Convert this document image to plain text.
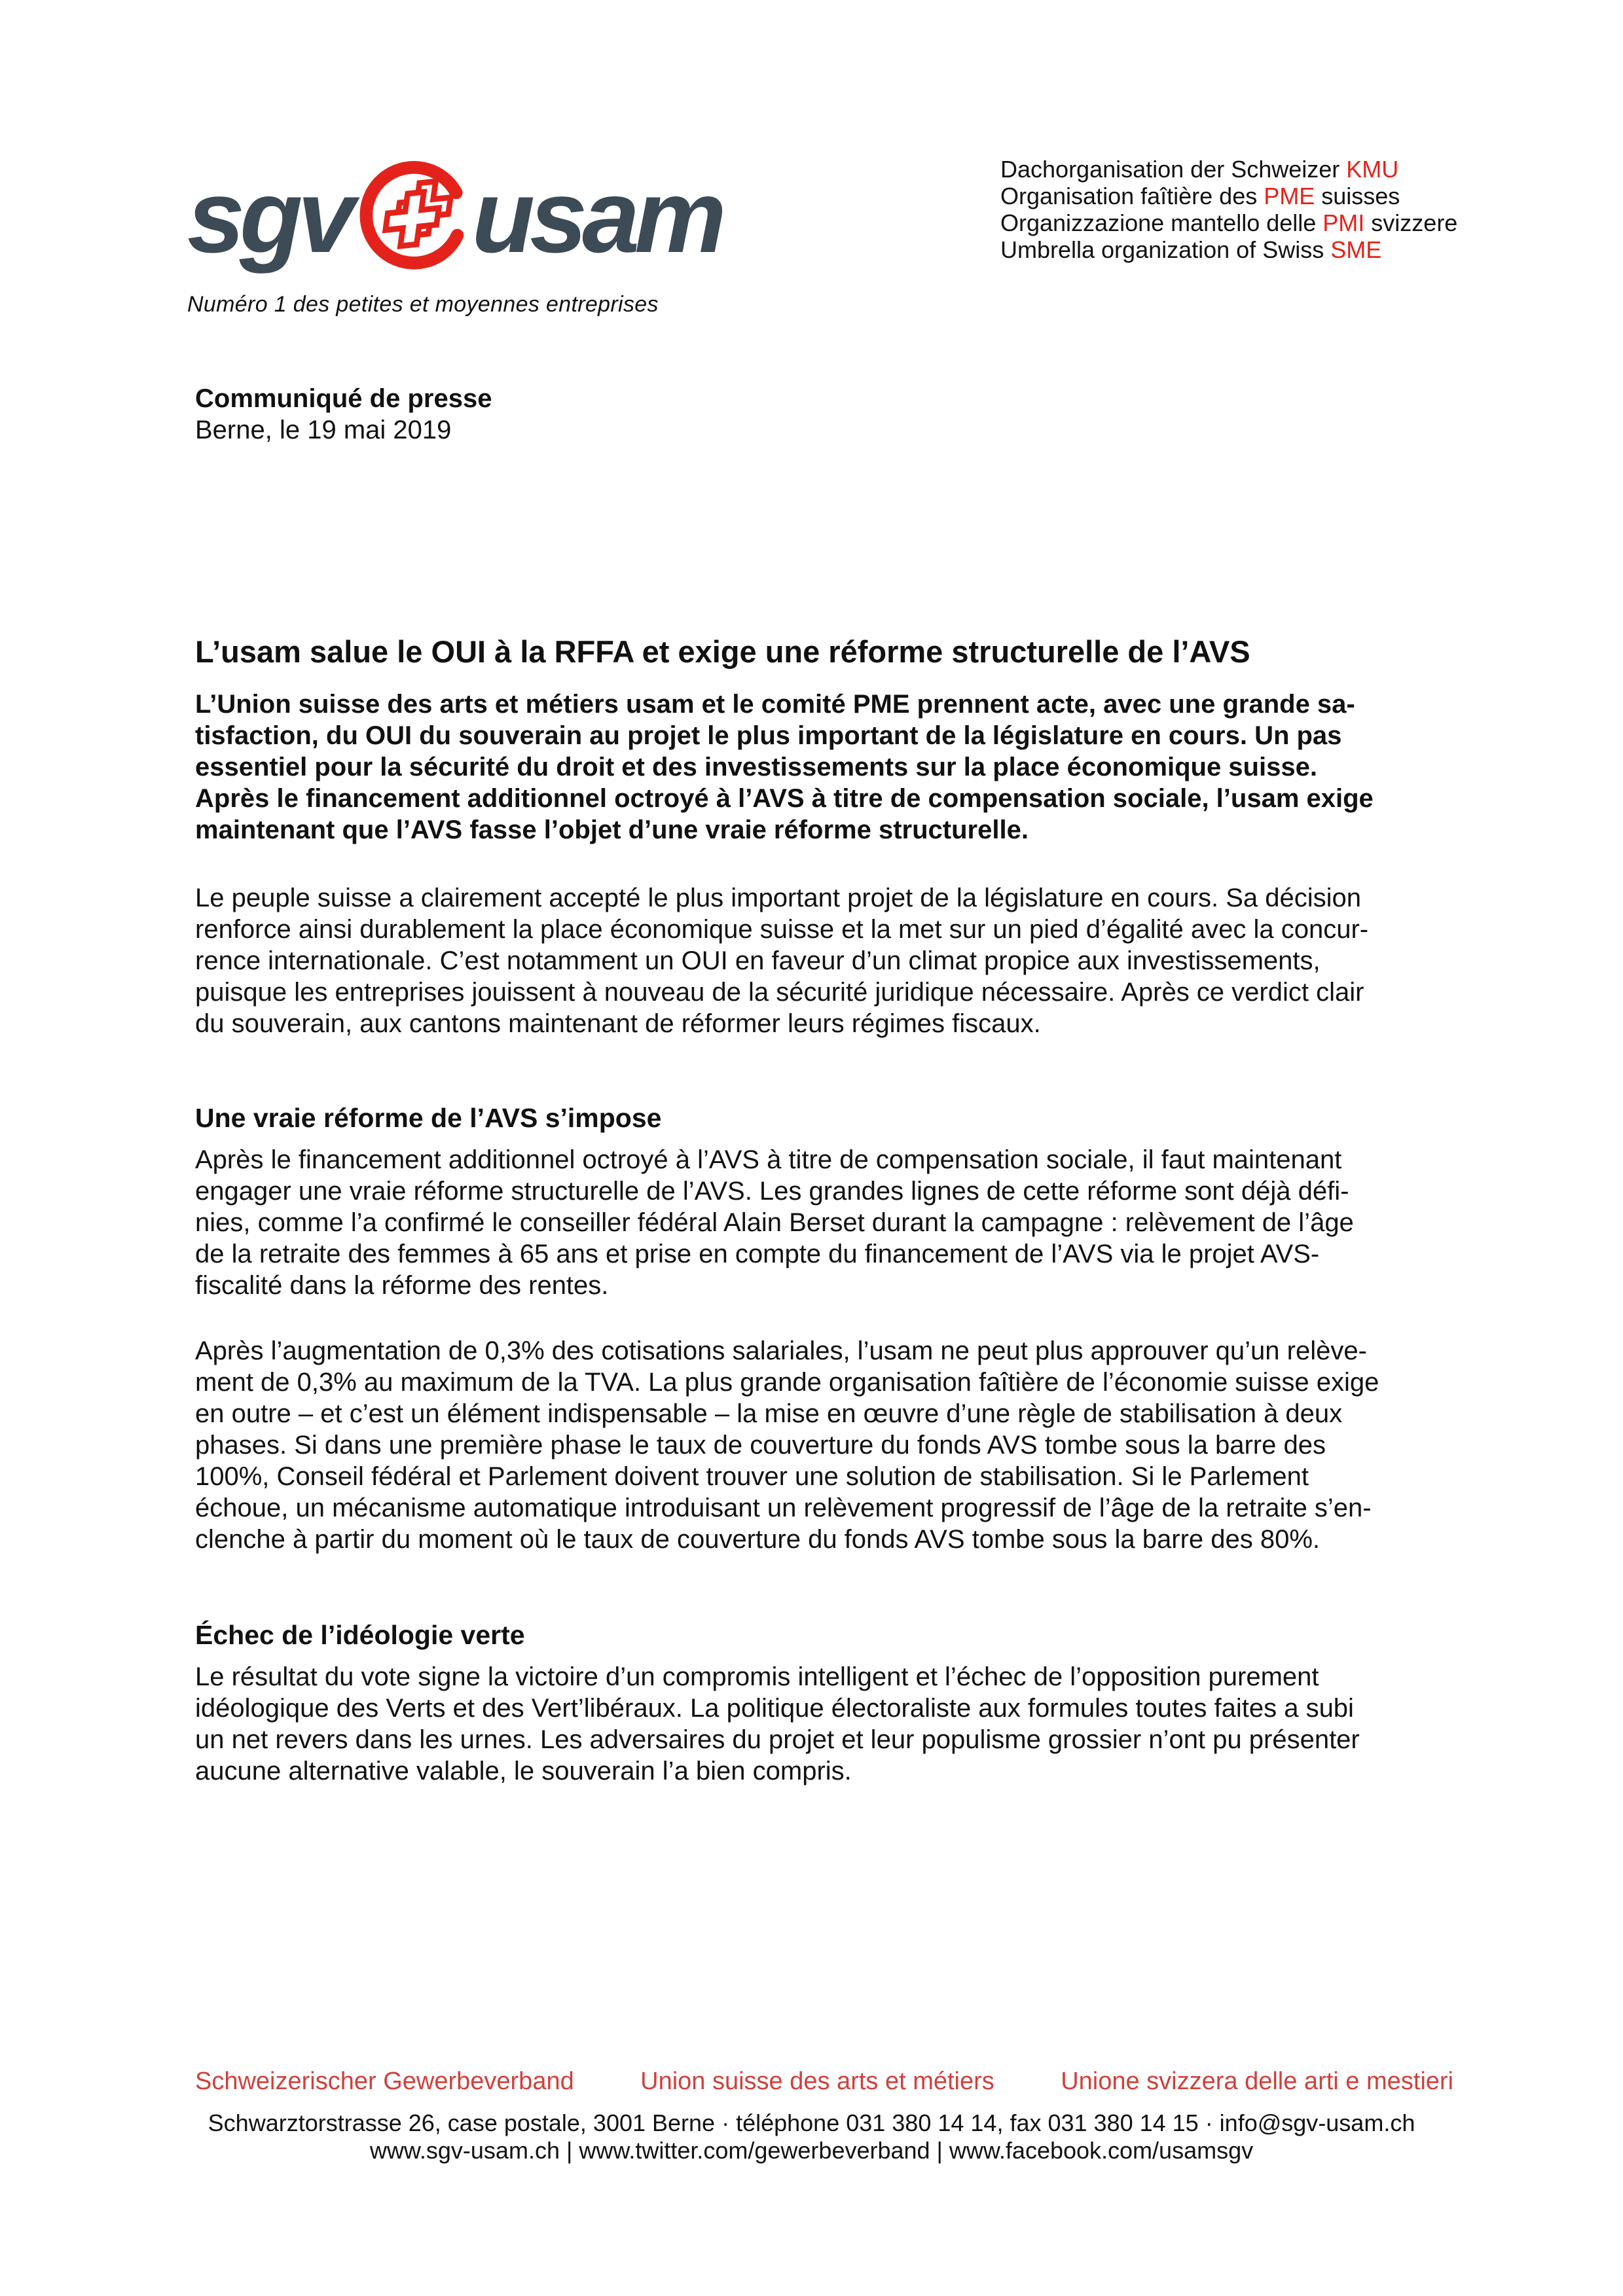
sgv usam
Numéro 1 des petites et moyennes entreprises
Dachorganisation der Schweizer KMU
Organisation faîtière des PME suisses
Organizzazione mantello delle PMI svizzere
Umbrella organization of Swiss SME
Communiqué de presse
Berne, le 19 mai 2019
L’usam salue le OUI à la RFFA et exige une réforme structurelle de l’AVS
L’Union suisse des arts et métiers usam et le comité PME prennent acte, avec une grande sa-
tisfaction, du OUI du souverain au projet le plus important de la législature en cours. Un pas
essentiel pour la sécurité du droit et des investissements sur la place économique suisse.
Après le financement additionnel octroyé à l’AVS à titre de compensation sociale, l’usam exige
maintenant que l’AVS fasse l’objet d’une vraie réforme structurelle.
Le peuple suisse a clairement accepté le plus important projet de la législature en cours. Sa décision
renforce ainsi durablement la place économique suisse et la met sur un pied d’égalité avec la concur-
rence internationale. C’est notamment un OUI en faveur d’un climat propice aux investissements,
puisque les entreprises jouissent à nouveau de la sécurité juridique nécessaire. Après ce verdict clair
du souverain, aux cantons maintenant de réformer leurs régimes fiscaux.
Une vraie réforme de l’AVS s’impose
Après le financement additionnel octroyé à l’AVS à titre de compensation sociale, il faut maintenant
engager une vraie réforme structurelle de l’AVS. Les grandes lignes de cette réforme sont déjà défi-
nies, comme l’a confirmé le conseiller fédéral Alain Berset durant la campagne : relèvement de l’âge
de la retraite des femmes à 65 ans et prise en compte du financement de l’AVS via le projet AVS-
fiscalité dans la réforme des rentes.
Après l’augmentation de 0,3% des cotisations salariales, l’usam ne peut plus approuver qu’un relève-
ment de 0,3% au maximum de la TVA. La plus grande organisation faîtière de l’économie suisse exige
en outre – et c’est un élément indispensable – la mise en œuvre d’une règle de stabilisation à deux
phases. Si dans une première phase le taux de couverture du fonds AVS tombe sous la barre des
100%, Conseil fédéral et Parlement doivent trouver une solution de stabilisation. Si le Parlement
échoue, un mécanisme automatique introduisant un relèvement progressif de l’âge de la retraite s’en-
clenche à partir du moment où le taux de couverture du fonds AVS tombe sous la barre des 80%.
Échec de l’idéologie verte
Le résultat du vote signe la victoire d’un compromis intelligent et l’échec de l’opposition purement
idéologique des Verts et des Vert’libéraux. La politique électoraliste aux formules toutes faites a subi
un net revers dans les urnes. Les adversaires du projet et leur populisme grossier n’ont pu présenter
aucune alternative valable, le souverain l’a bien compris.
Schweizerischer Gewerbeverband	Union suisse des arts et métiers	Unione svizzera delle arti e mestieri
Schwarztorstrasse 26, case postale, 3001 Berne · téléphone 031 380 14 14, fax 031 380 14 15 · info@sgv-usam.ch
www.sgv-usam.ch | www.twitter.com/gewerbeverband | www.facebook.com/usamsgv
